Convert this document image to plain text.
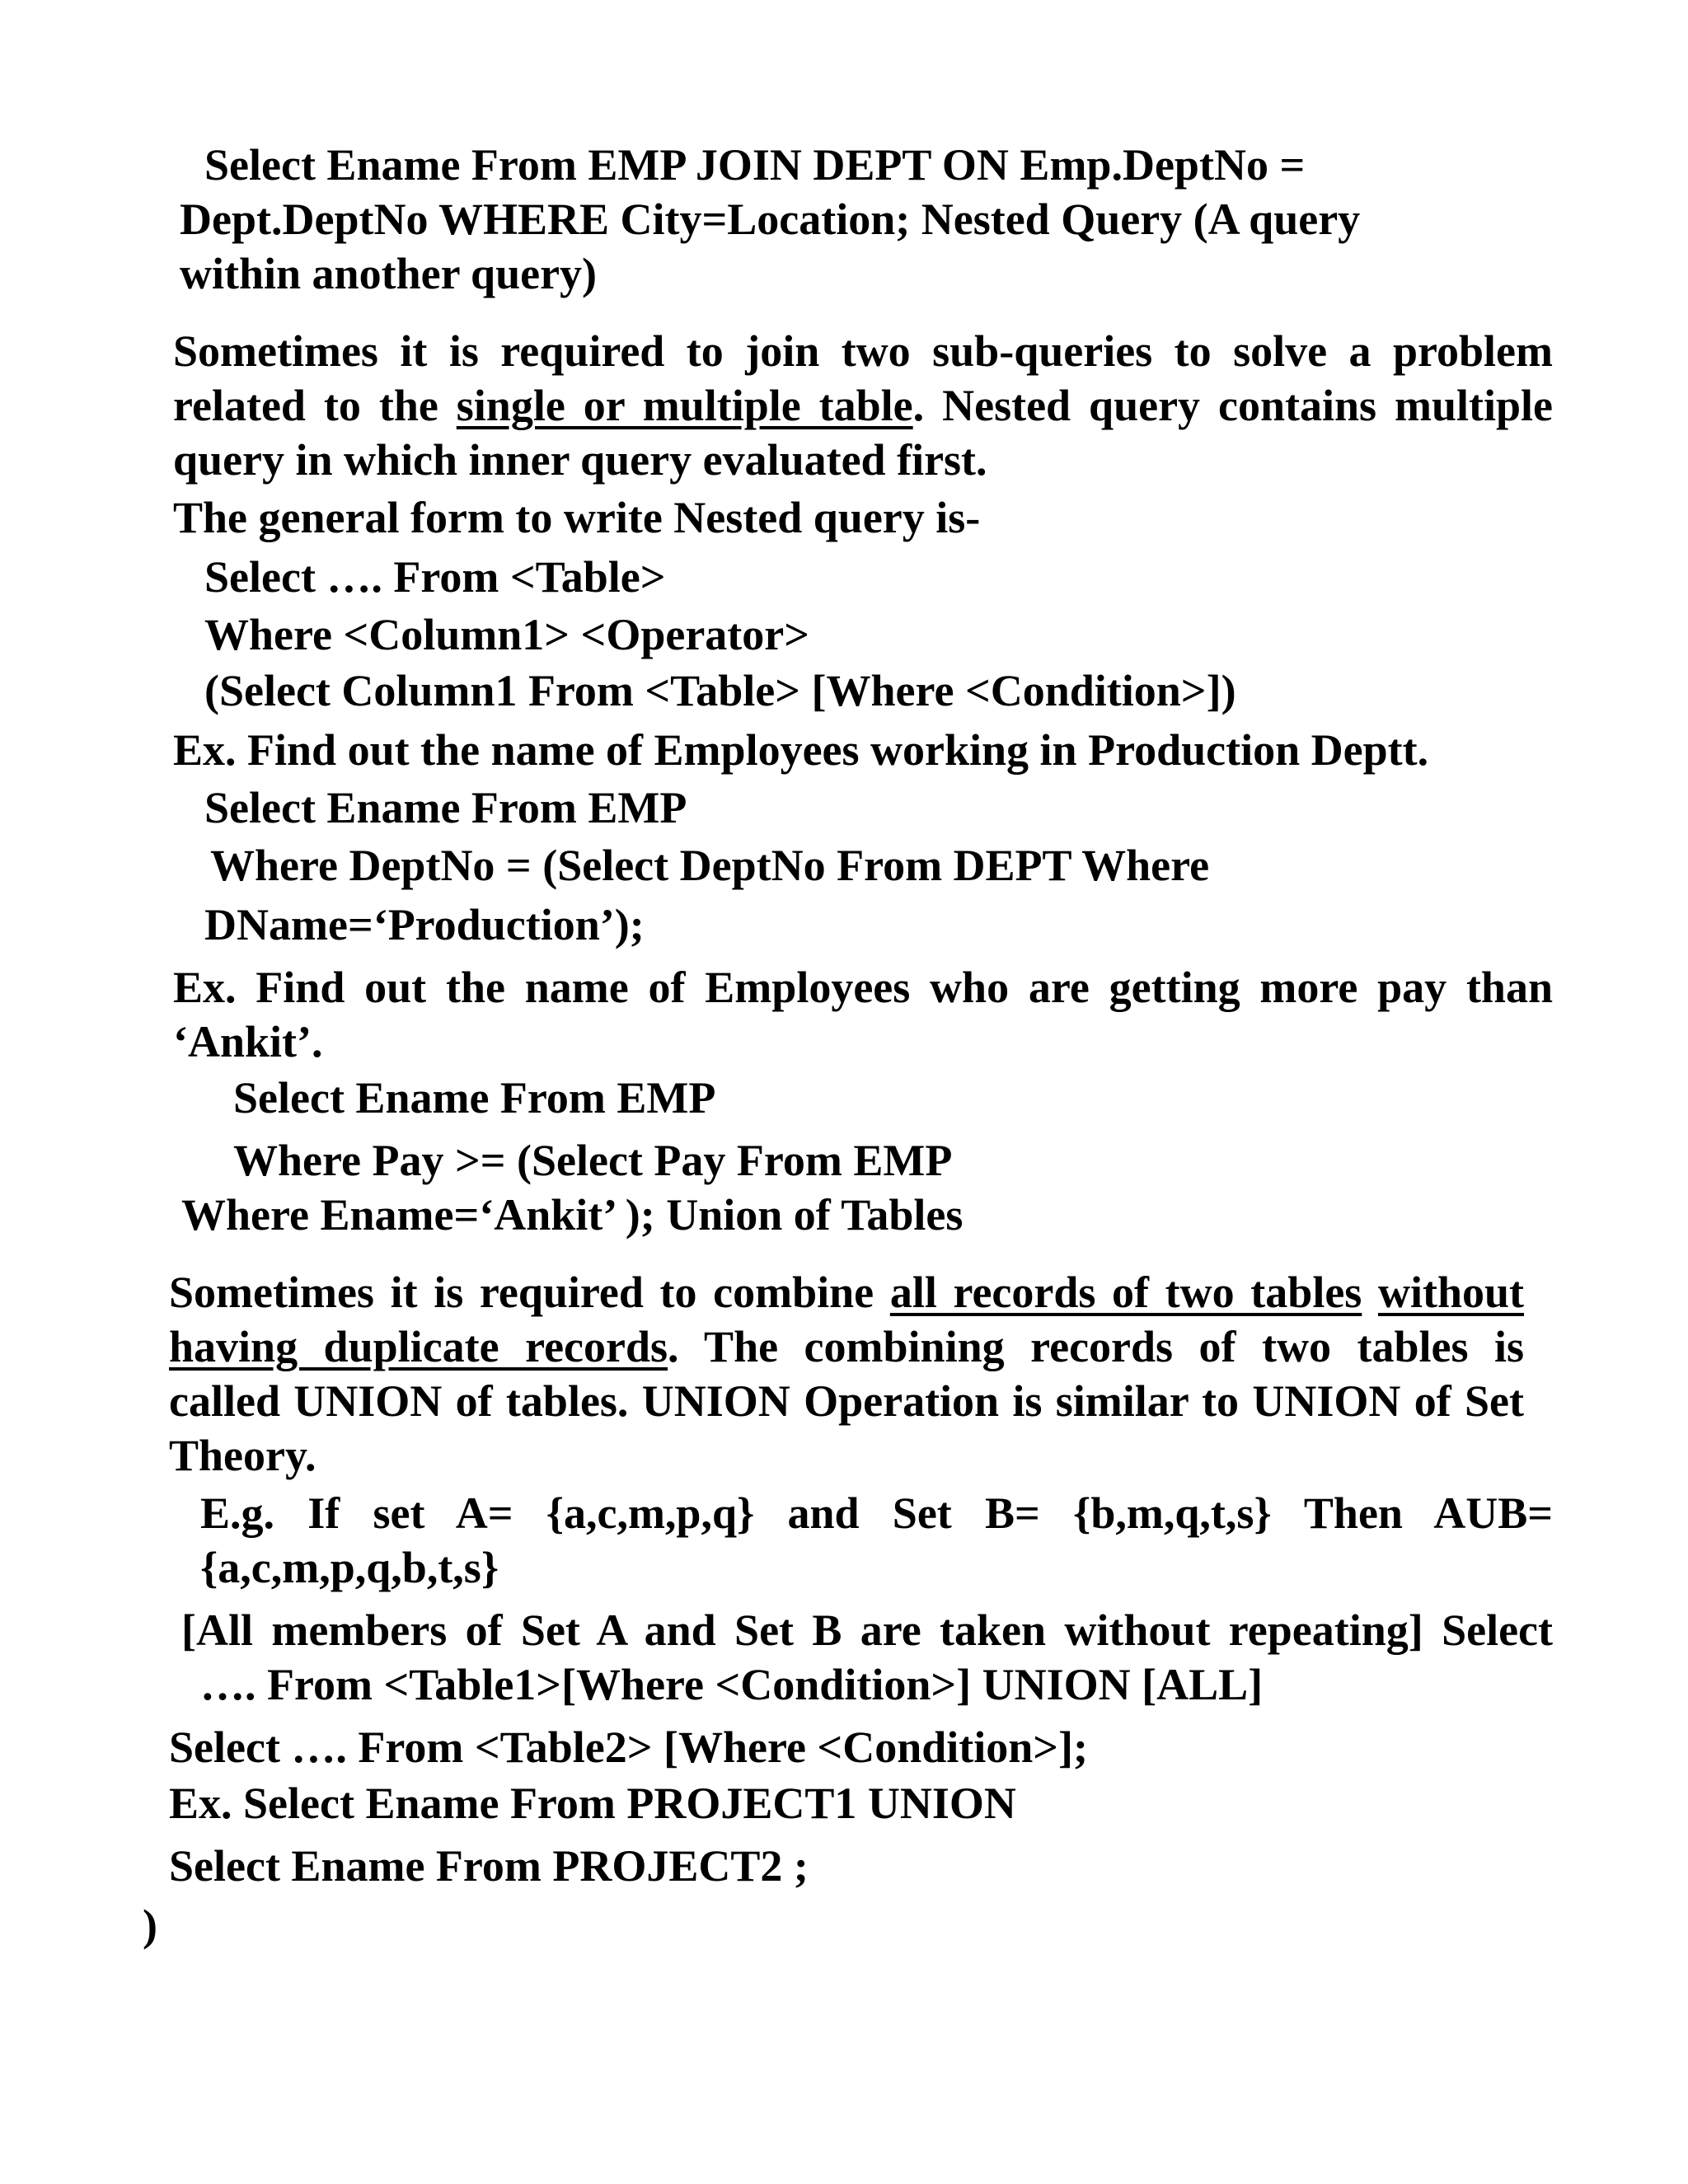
Select Ename From EMP JOIN DEPT ON Emp.DeptNo =
Dept.DeptNo WHERE City=Location; Nested Query (A query
within another query)
Sometimes it is required to join two sub-queries to solve a problem
related to the single or multiple table. Nested query contains multiple
query in which inner query evaluated first.
The general form to write Nested query is-
Select …. From <Table>
Where <Column1> <Operator>
(Select Column1 From <Table> [Where <Condition>])
Ex. Find out the name of Employees working in Production Deptt.
Select Ename From EMP
Where DeptNo = (Select DeptNo From DEPT Where
DName=‘Production’);
Ex. Find out the name of Employees who are getting more pay than
‘Ankit’.
Select Ename From EMP
Where Pay >= (Select Pay From EMP
Where Ename=‘Ankit’ ); Union of Tables
Sometimes it is required to combine all records of two tables without
having duplicate records. The combining records of two tables is
called UNION of tables. UNION Operation is similar to UNION of Set
Theory.
E.g. If set A= {a,c,m,p,q} and Set B= {b,m,q,t,s} Then AUB=
{a,c,m,p,q,b,t,s}
[All members of Set A and Set B are taken without repeating] Select
…. From <Table1>[Where <Condition>] UNION [ALL]
Select …. From <Table2> [Where <Condition>];
Ex. Select Ename From PROJECT1 UNION
Select Ename From PROJECT2 ;
)
